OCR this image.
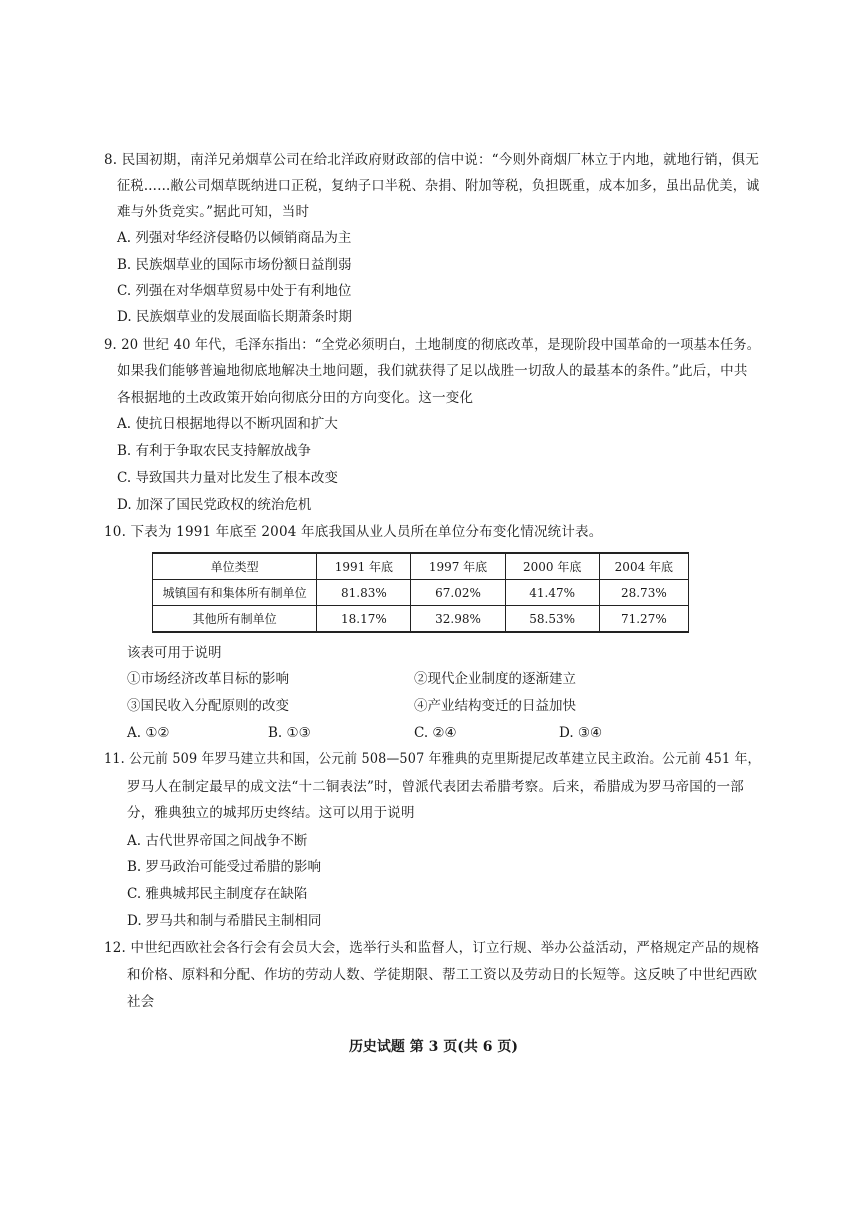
8. 民国初期，南洋兄弟烟草公司在给北洋政府财政部的信中说：“今则外商烟厂林立于内地，就地行销，俱无
征税……敝公司烟草既纳进口正税，复纳子口半税、杂捐、附加等税，负担既重，成本加多，虽出品优美，诚
难与外货竞实。”据此可知，当时
A. 列强对华经济侵略仍以倾销商品为主
B. 民族烟草业的国际市场份额日益削弱
C. 列强在对华烟草贸易中处于有利地位
D. 民族烟草业的发展面临长期萧条时期
9. 20 世纪 40 年代，毛泽东指出：“全党必须明白，土地制度的彻底改革，是现阶段中国革命的一项基本任务。
如果我们能够普遍地彻底地解决土地问题，我们就获得了足以战胜一切敌人的最基本的条件。”此后，中共
各根据地的土改政策开始向彻底分田的方向变化。这一变化
A. 使抗日根据地得以不断巩固和扩大
B. 有利于争取农民支持解放战争
C. 导致国共力量对比发生了根本改变
D. 加深了国民党政权的统治危机
10. 下表为 1991 年底至 2004 年底我国从业人员所在单位分布变化情况统计表。
单位类型	1991 年底	1997 年底	2000 年底	2004 年底
城镇国有和集体所有制单位	81.83%	67.02%	41.47%	28.73%
其他所有制单位	18.17%	32.98%	58.53%	71.27%
该表可用于说明
①市场经济改革目标的影响	②现代企业制度的逐渐建立
③国民收入分配原则的改变	④产业结构变迁的日益加快
A. ①②	B. ①③	C. ②④	D. ③④
11. 公元前 509 年罗马建立共和国，公元前 508—507 年雅典的克里斯提尼改革建立民主政治。公元前 451 年，
罗马人在制定最早的成文法“十二铜表法”时，曾派代表团去希腊考察。后来，希腊成为罗马帝国的一部
分，雅典独立的城邦历史终结。这可以用于说明
A. 古代世界帝国之间战争不断
B. 罗马政治可能受过希腊的影响
C. 雅典城邦民主制度存在缺陷
D. 罗马共和制与希腊民主制相同
12. 中世纪西欧社会各行会有会员大会，选举行头和监督人，订立行规、举办公益活动，严格规定产品的规格
和价格、原料和分配、作坊的劳动人数、学徒期限、帮工工资以及劳动日的长短等。这反映了中世纪西欧
社会
历史试题 第 3 页(共 6 页)
